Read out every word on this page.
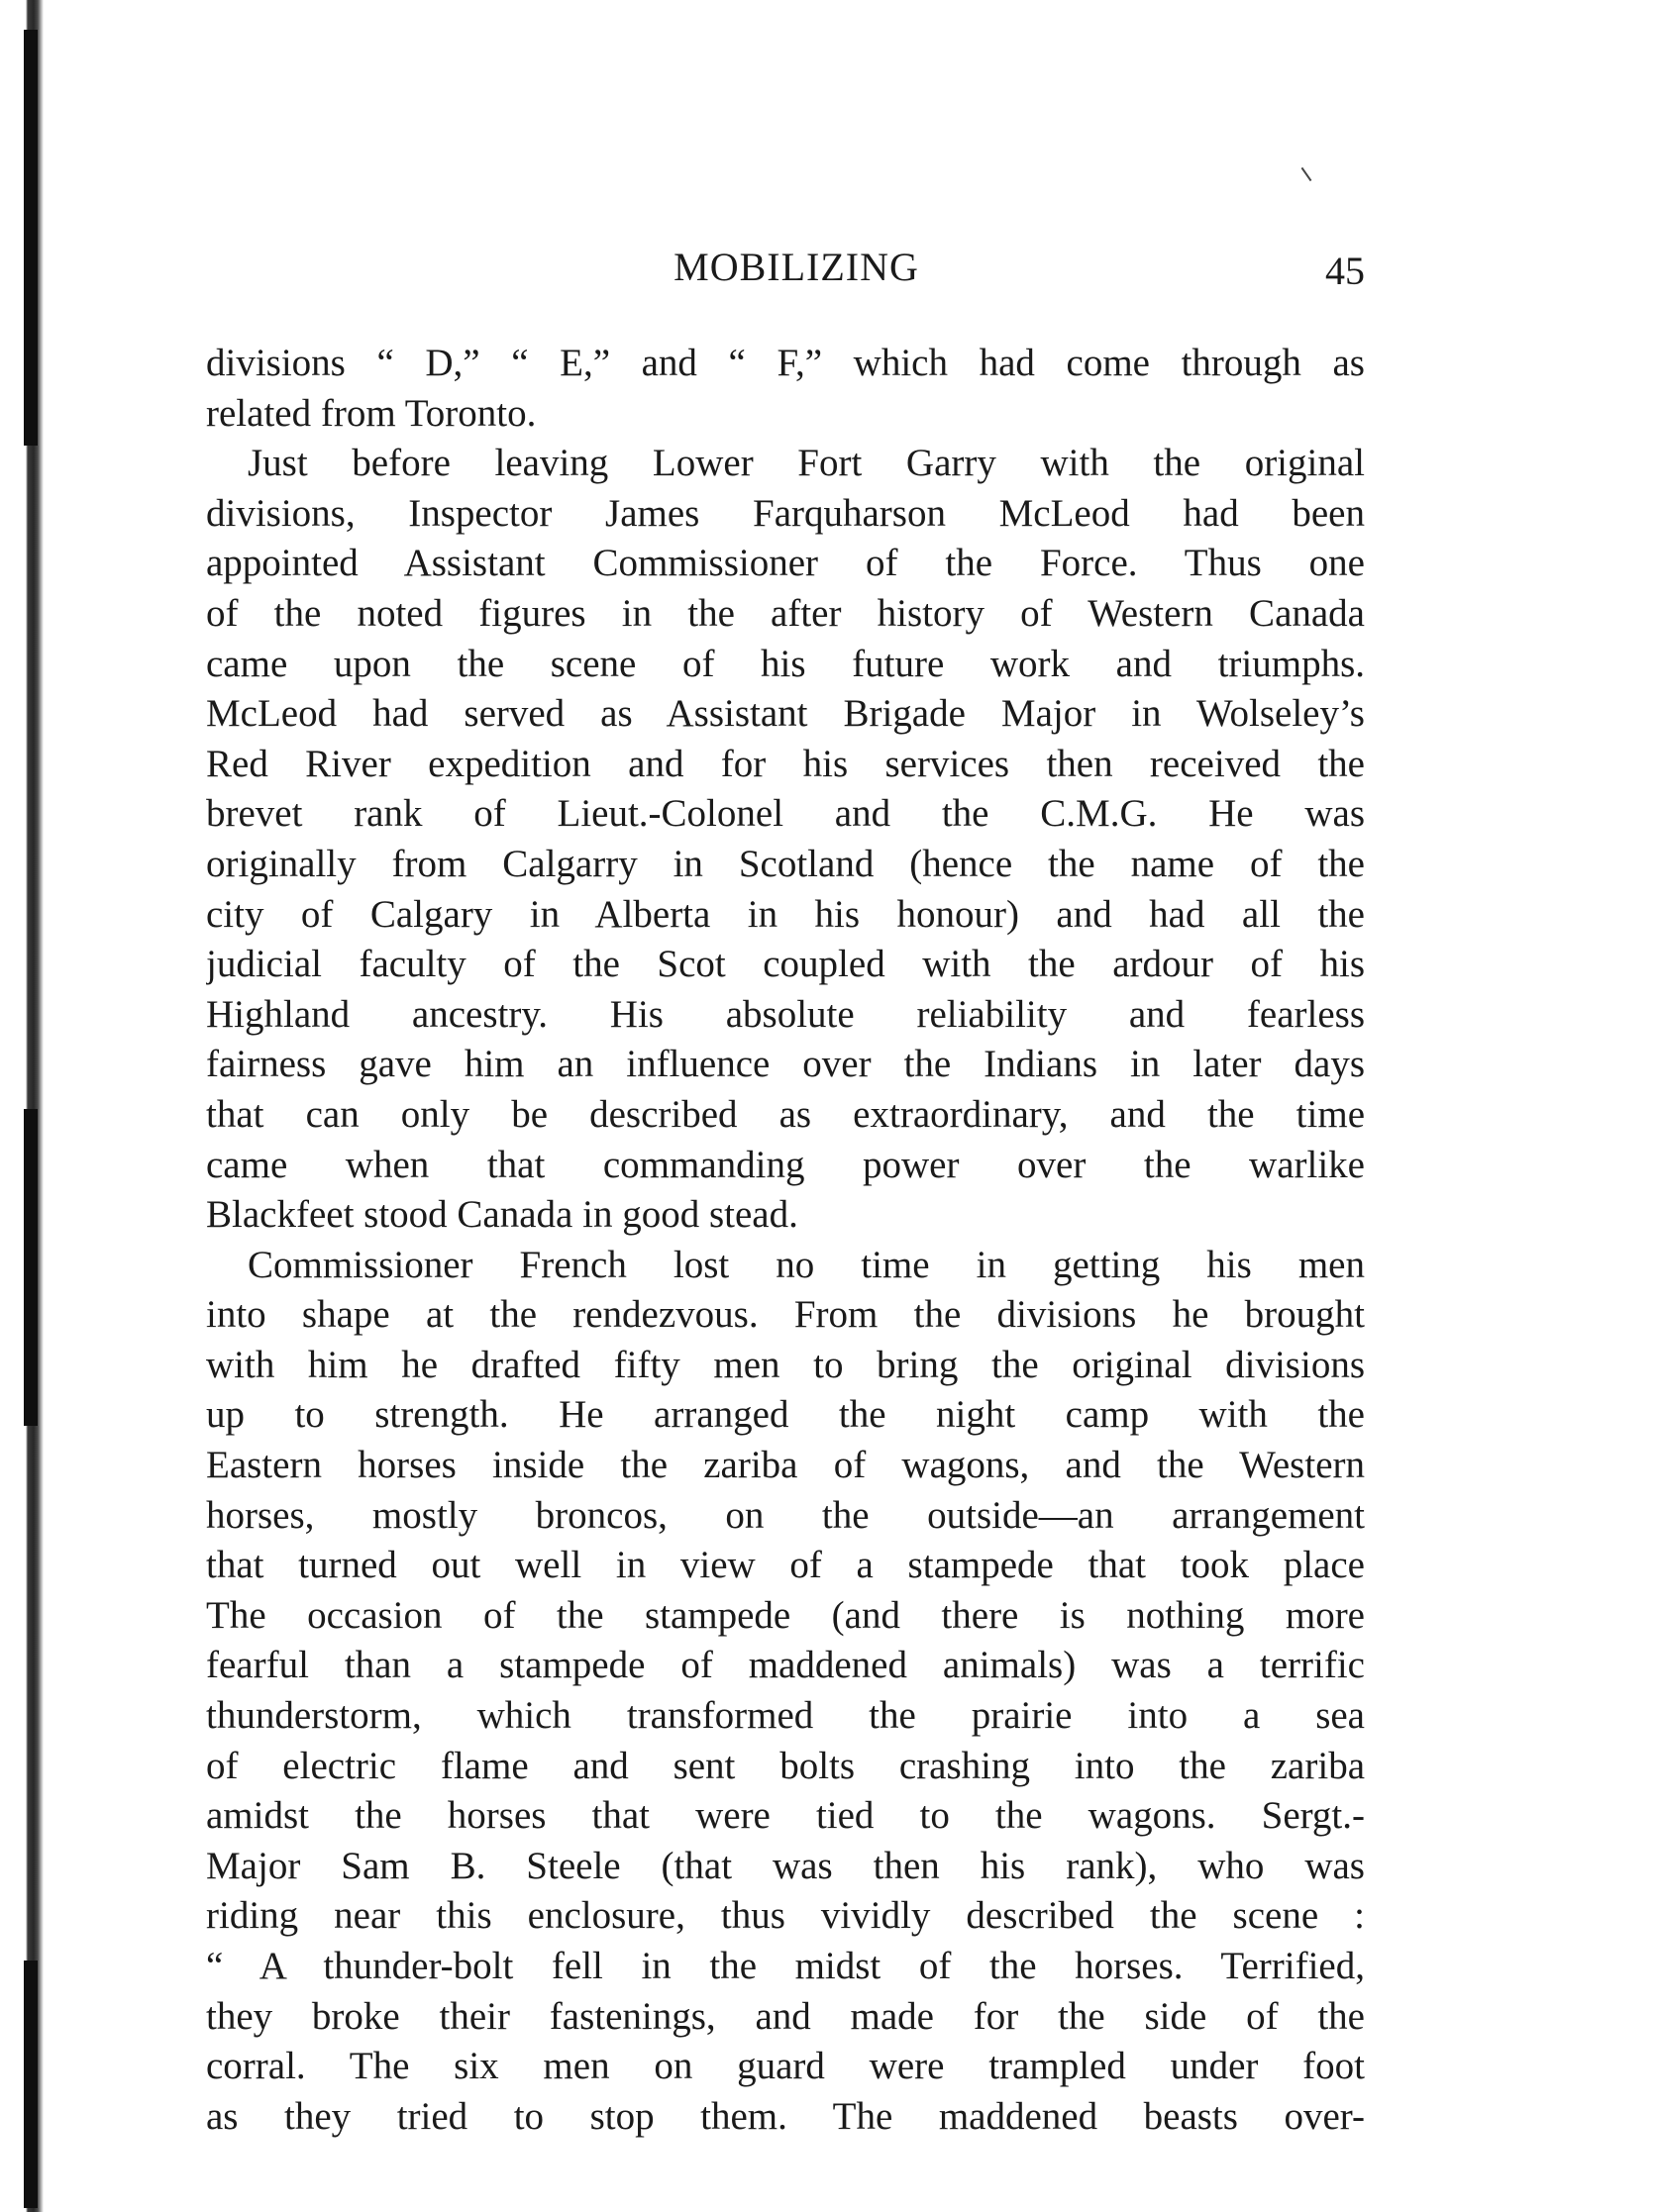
MOBILIZING	45
divisions “ D,” “ E,” and “ F,” which had come through as
related from Toronto.
Just before leaving Lower Fort Garry with the original
divisions, Inspector James Farquharson McLeod had been
appointed Assistant Commissioner of the Force. Thus one
of the noted figures in the after history of Western Canada
came upon the scene of his future work and triumphs.
McLeod had served as Assistant Brigade Major in Wolseley’s
Red River expedition and for his services then received the
brevet rank of Lieut.-Colonel and the C.M.G. He was
originally from Calgarry in Scotland (hence the name of the
city of Calgary in Alberta in his honour) and had all the
judicial faculty of the Scot coupled with the ardour of his
Highland ancestry. His absolute reliability and fearless
fairness gave him an influence over the Indians in later days
that can only be described as extraordinary, and the time
came when that commanding power over the warlike
Blackfeet stood Canada in good stead.
Commissioner French lost no time in getting his men
into shape at the rendezvous. From the divisions he brought
with him he drafted fifty men to bring the original divisions
up to strength. He arranged the night camp with the
Eastern horses inside the zariba of wagons, and the Western
horses, mostly broncos, on the outside—an arrangement
that turned out well in view of a stampede that took place
The occasion of the stampede (and there is nothing more
fearful than a stampede of maddened animals) was a terrific
thunderstorm, which transformed the prairie into a sea
of electric flame and sent bolts crashing into the zariba
amidst the horses that were tied to the wagons. Sergt.-
Major Sam B. Steele (that was then his rank), who was
riding near this enclosure, thus vividly described the scene :
“ A thunder-bolt fell in the midst of the horses. Terrified,
they broke their fastenings, and made for the side of the
corral. The six men on guard were trampled under foot
as they tried to stop them. The maddened beasts over-
